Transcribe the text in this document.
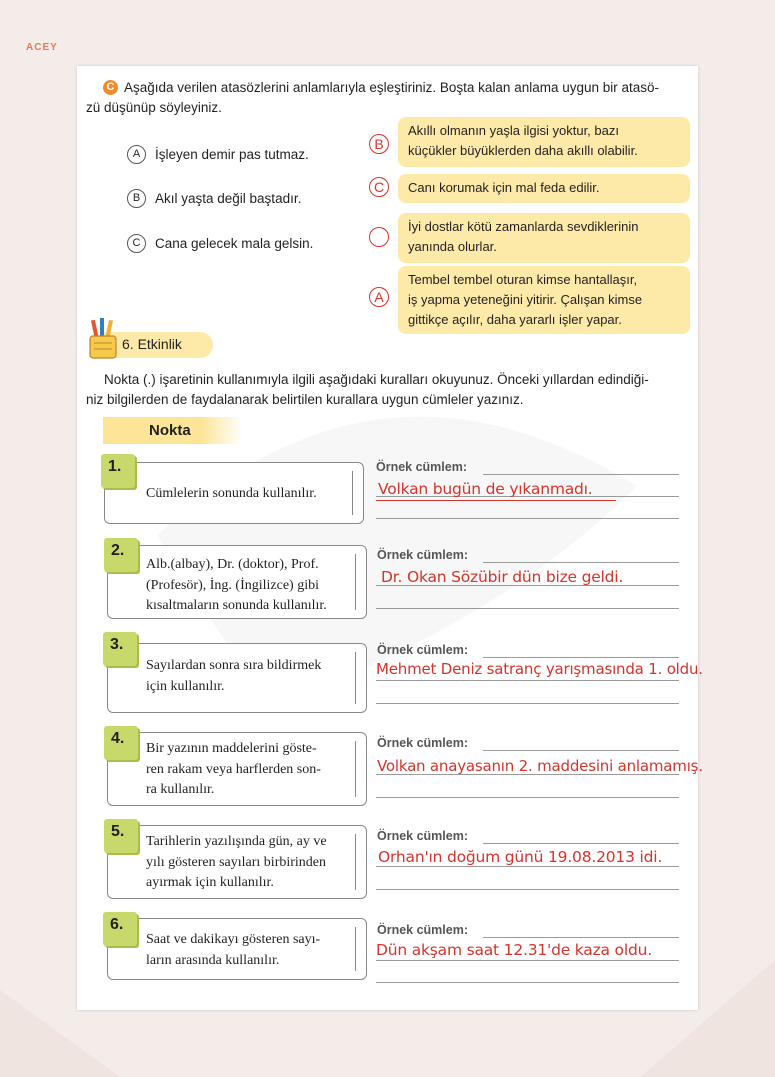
ACEY
C Aşağıda verilen atasözlerini anlamlarıyla eşleştiriniz. Boşta kalan anlama uygun bir atasö-
zü düşünüp söyleyiniz.
A	İşleyen demir pas tutmaz.
B	Akıl yaşta değil baştadır.
C	Cana gelecek mala gelsin.
B
Akıllı olmanın yaşla ilgisi yoktur, bazı
küçükler büyüklerden daha akıllı olabilir.
C	Canı korumak için mal feda edilir.
İyi dostlar kötü zamanlarda sevdiklerinin
yanında olurlar.
A
Tembel tembel oturan kimse hantallaşır,
iş yapma yeteneğini yitirir. Çalışan kimse
gittikçe açılır, daha yararlı işler yapar.
6. Etkinlik
Nokta (.) işaretinin kullanımıyla ilgili aşağıdaki kuralları okuyunuz. Önceki yıllardan edindiği-
niz bilgilerden de faydalanarak belirtilen kurallara uygun cümleler yazınız.
Nokta
1.
Cümlelerin sonunda kullanılır.
Örnek cümlem:
Volkan bugün de yıkanmadı.
2.
Alb.(albay), Dr. (doktor), Prof.
(Profesör), İng. (İngilizce) gibi
kısaltmaların sonunda kullanılır.
Örnek cümlem:
Dr. Okan Sözübir dün bize geldi.
3.
Sayılardan sonra sıra bildirmek
için kullanılır.
Örnek cümlem:
Mehmet Deniz satranç yarışmasında 1. oldu.
4.
Bir yazının maddelerini göste-
ren rakam veya harflerden son-
ra kullanılır.
Örnek cümlem:
Volkan anayasanın 2. maddesini anlamamış.
5.
Tarihlerin yazılışında gün, ay ve
yılı gösteren sayıları birbirinden
ayırmak için kullanılır.
Örnek cümlem:
Orhan'ın doğum günü 19.08.2013 idi.
6.
Saat ve dakikayı gösteren sayı-
ların arasında kullanılır.
Örnek cümlem:
Dün akşam saat 12.31'de kaza oldu.
